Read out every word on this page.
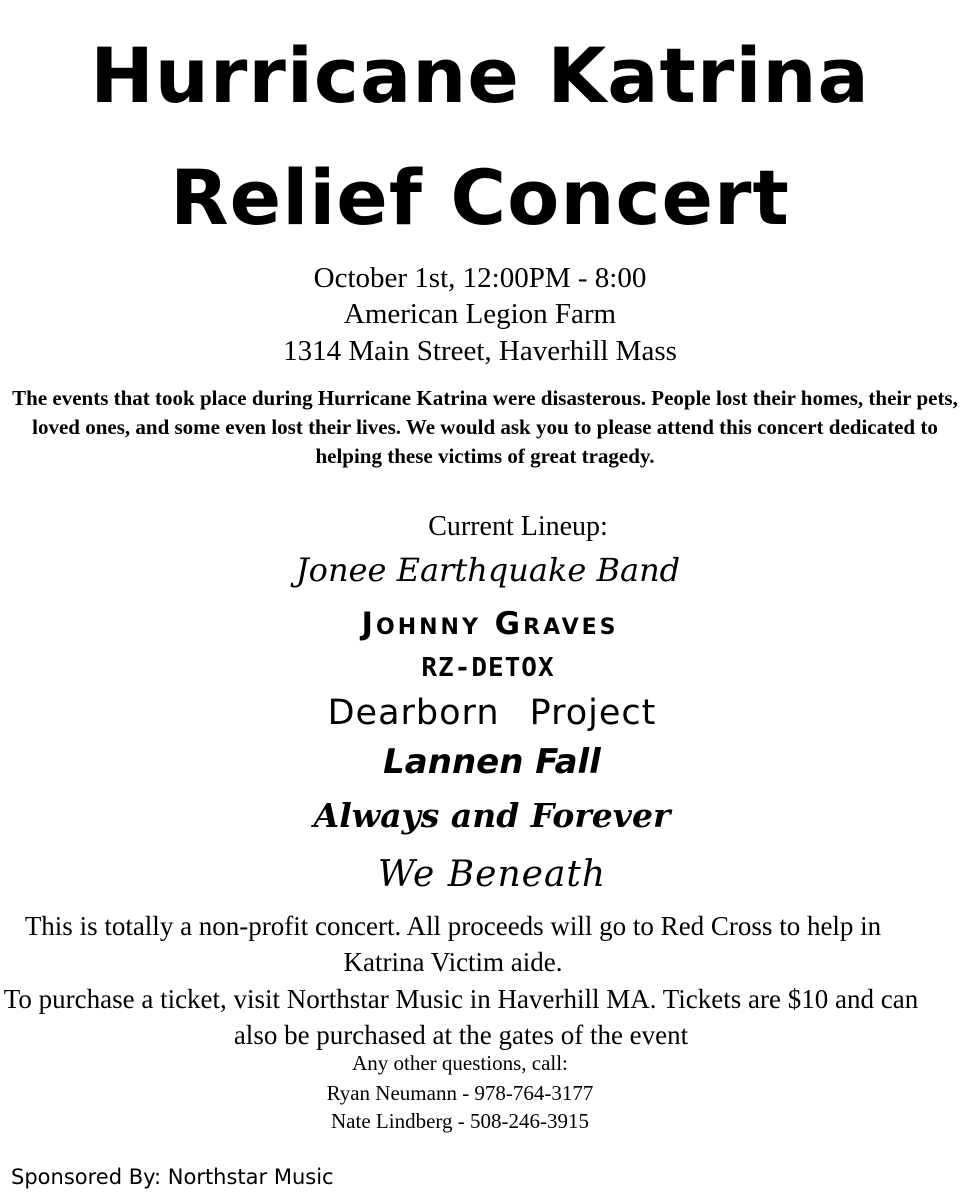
Hurricane Katrina
Relief Concert
October 1st, 12:00PM - 8:00
American Legion Farm
1314 Main Street, Haverhill Mass
The events that took place during Hurricane Katrina were disasterous. People lost their homes, their pets, loved ones, and some even lost their lives. We would ask you to please attend this concert dedicated to helping these victims of great tragedy.
Current Lineup:
Jonee Earthquake Band
Johnny Graves
RZ-DETOX
Dearborn Project
Lannen Fall
Always and Forever
We Beneath
This is totally a non-profit concert. All proceeds will go to Red Cross to help in Katrina Victim aide.
To purchase a ticket, visit Northstar Music in Haverhill MA. Tickets are $10 and can also be purchased at the gates of the event
Any other questions, call:
Ryan Neumann - 978-764-3177
Nate Lindberg - 508-246-3915
Sponsored By: Northstar Music
